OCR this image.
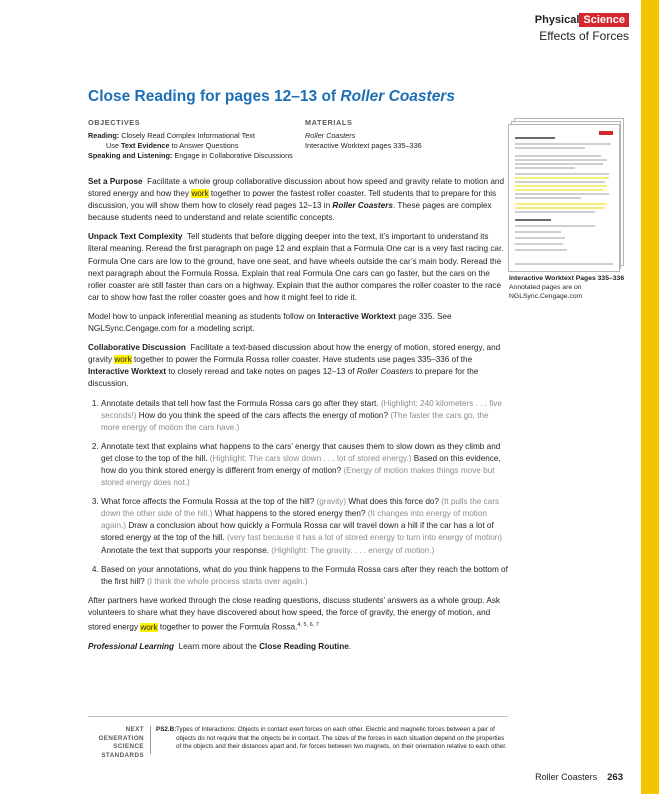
Physical Science
Effects of Forces
Close Reading for pages 12–13 of Roller Coasters
OBJECTIVES
Reading: Closely Read Complex Informational Text
Use Text Evidence to Answer Questions
Speaking and Listening: Engage in Collaborative Discussions
MATERIALS
Roller Coasters
Interactive Worktext pages 335–336
Interactive Worktext Pages 335–336
Annotated pages are on
NGLSync.Cengage.com

Set a Purpose Facilitate a whole group collaborative discussion about how speed and gravity relate to motion and stored energy and how they work together to power the fastest roller coaster. Tell students that to prepare for this discussion, you will show them how to closely read pages 12–13 in Roller Coasters. These pages are complex because students need to understand and relate scientific concepts.

Unpack Text Complexity Tell students that before digging deeper into the text, it’s important to understand its literal meaning. Reread the first paragraph on page 12 and explain that a Formula One car is a very fast racing car. Formula One cars are low to the ground, have one seat, and have wheels outside the car’s main body. Reread the next paragraph about the Formula Rossa. Explain that real Formula One cars can go faster, but the cars on the roller coaster are still faster than cars on a highway. Explain that the author compares the roller coaster to the race car to show how fast the roller coaster goes and how it might feel to ride it.

Model how to unpack inferential meaning as students follow on Interactive Worktext page 335. See NGLSync.Cengage.com for a modeling script.

Collaborative Discussion Facilitate a text-based discussion about how the energy of motion, stored energy, and gravity work together to power the Formula Rossa roller coaster. Have students use pages 335–336 of the Interactive Worktext to closely reread and take notes on pages 12–13 of Roller Coasters to prepare for the discussion.

1. Annotate details that tell how fast the Formula Rossa cars go after they start. (Highlight: 240 kilometers . . . five seconds!) How do you think the speed of the cars affects the energy of motion? (The faster the cars go, the more energy of motion the cars have.)
2. Annotate text that explains what happens to the cars’ energy that causes them to slow down as they climb and get close to the top of the hill. (Highlight: The cars slow down . . . lot of stored energy.) Based on this evidence, how do you think stored energy is different from energy of motion? (Energy of motion makes things move but stored energy does not.)
3. What force affects the Formula Rossa at the top of the hill? (gravity) What does this force do? (It pulls the cars down the other side of the hill.) What happens to the stored energy then? (It changes into energy of motion again.) Draw a conclusion about how quickly a Formula Rossa car will travel down a hill if the car has a lot of stored energy at the top of the hill. (very fast because it has a lot of stored energy to turn into energy of motion) Annotate the text that supports your response. (Highlight: The gravity. . . . energy of motion.)
4. Based on your annotations, what do you think happens to the Formula Rossa cars after they reach the bottom of the first hill? (I think the whole process starts over again.)

After partners have worked through the close reading questions, discuss students’ answers as a whole group. Ask volunteers to share what they have discovered about how speed, the force of gravity, the energy of motion, and stored energy work together to power the Formula Rossa.$^{4, 5, 6, 7}$

Professional Learning Learn more about the Close Reading Routine.

NEXT GENERATION
SCIENCE
STANDARDS
PS2.B: Types of Interactions: Objects in contact exert forces on each other. Electric and magnetic forces between a pair of objects do not require that the objects be in contact. The sizes of the forces in each situation depend on the properties of the objects and their distances apart and, for forces between two magnets, on their orientation relative to each other.
Roller Coasters 263
